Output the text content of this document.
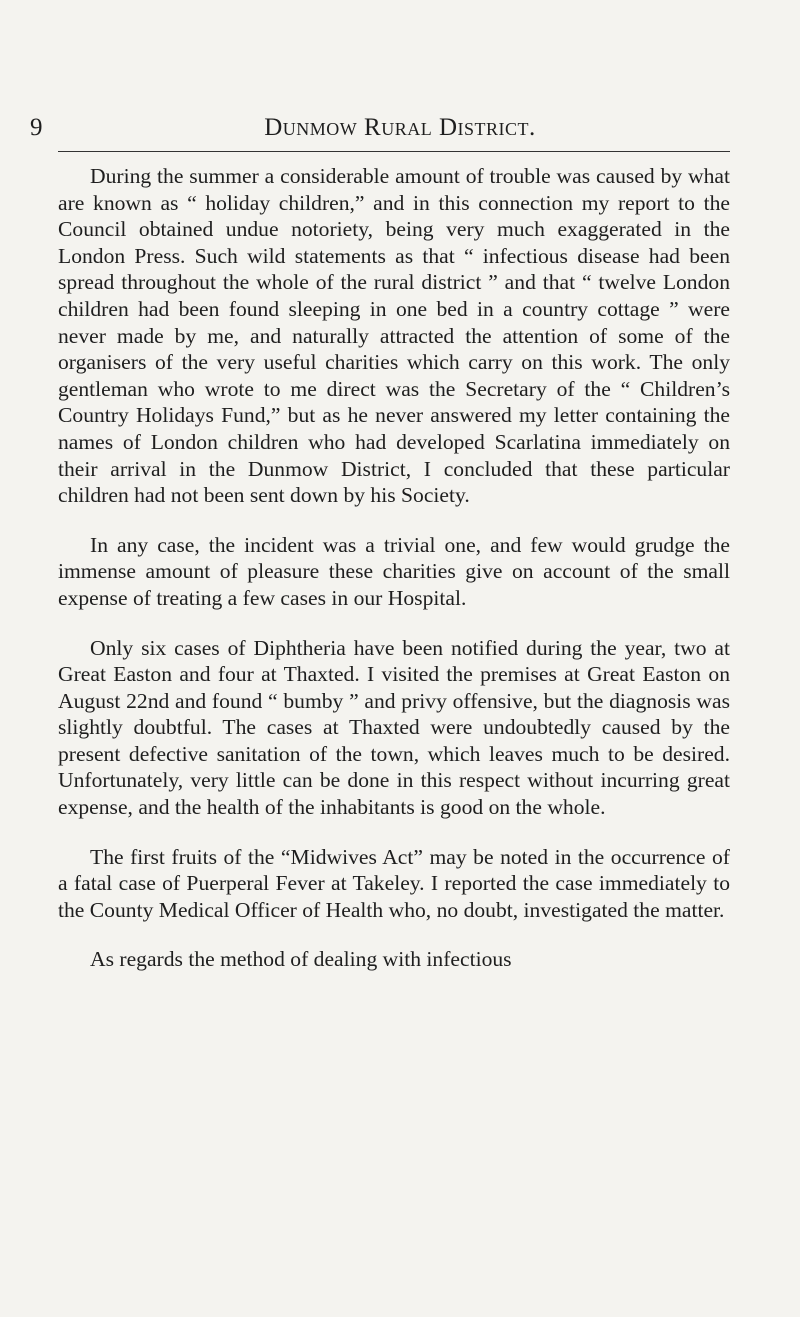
9	Dunmow Rural District.

During the summer a considerable amount of trouble was caused by what are known as “ holiday children,” and in this connection my report to the Council obtained undue notoriety, being very much exaggerated in the London Press. Such wild statements as that “ infectious disease had been spread throughout the whole of the rural district ” and that “ twelve London children had been found sleeping in one bed in a country cottage ” were never made by me, and naturally attracted the attention of some of the organisers of the very useful charities which carry on this work. The only gentleman who wrote to me direct was the Secretary of the “ Children’s Country Holidays Fund,” but as he never answered my letter containing the names of London children who had developed Scarlatina immediately on their arrival in the Dunmow District, I concluded that these particular children had not been sent down by his Society.

In any case, the incident was a trivial one, and few would grudge the immense amount of pleasure these charities give on account of the small expense of treating a few cases in our Hospital.

Only six cases of Diphtheria have been notified during the year, two at Great Easton and four at Thaxted. I visited the premises at Great Easton on August 22nd and found “ bumby ” and privy offensive, but the diagnosis was slightly doubtful. The cases at Thaxted were undoubtedly caused by the present defective sanitation of the town, which leaves much to be desired. Unfortunately, very little can be done in this respect without incurring great expense, and the health of the inhabitants is good on the whole.

The first fruits of the “Midwives Act” may be noted in the occurrence of a fatal case of Puerperal Fever at Takeley. I reported the case immediately to the County Medical Officer of Health who, no doubt, investigated the matter.

As regards the method of dealing with infectious
